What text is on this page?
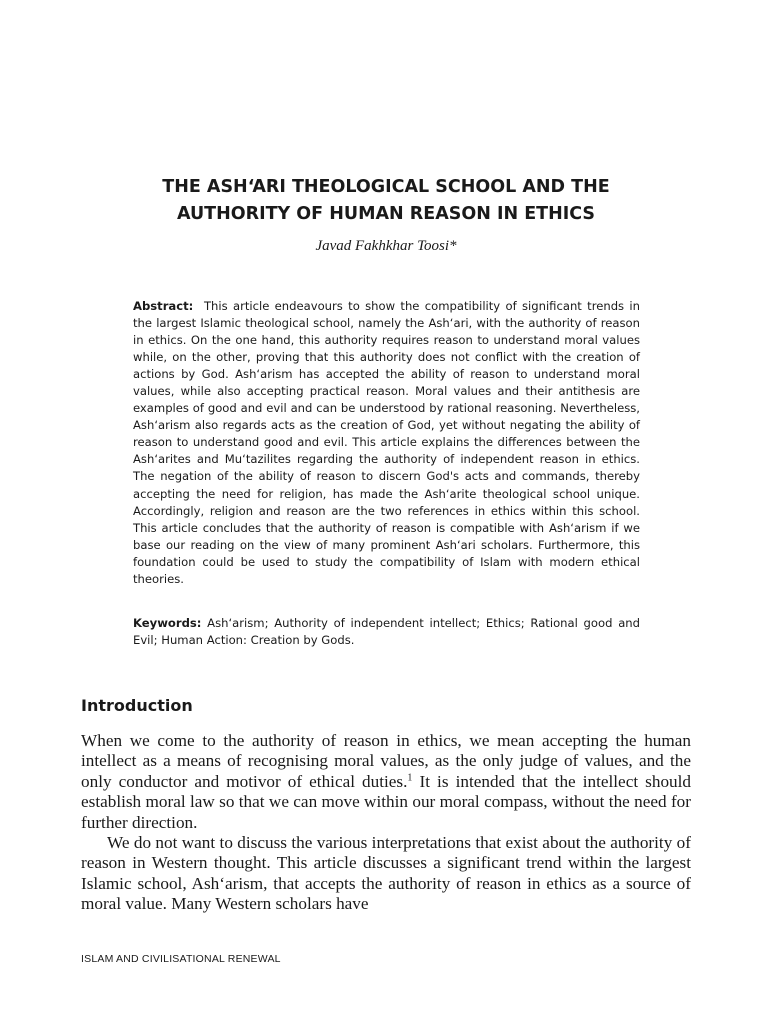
THE ASH‘ARI THEOLOGICAL SCHOOL AND THE
AUTHORITY OF HUMAN REASON IN ETHICS
Javad Fakhkhar Toosi*

Abstract: This article endeavours to show the compatibility of significant trends in the largest Islamic theological school, namely the Ash‘ari, with the authority of reason in ethics. On the one hand, this authority requires reason to understand moral values while, on the other, proving that this authority does not conflict with the creation of actions by God. Ash‘arism has accepted the ability of reason to understand moral values, while also accepting practical reason. Moral values and their antithesis are examples of good and evil and can be understood by rational reasoning. Nevertheless, Ash‘arism also regards acts as the creation of God, yet without negating the ability of reason to understand good and evil. This article explains the differences between the Ash‘arites and Mu‘tazilites regarding the authority of independent reason in ethics. The negation of the ability of reason to discern God's acts and commands, thereby accepting the need for religion, has made the Ash‘arite theological school unique. Accordingly, religion and reason are the two references in ethics within this school. This article concludes that the authority of reason is compatible with Ash‘arism if we base our reading on the view of many prominent Ash‘ari scholars. Furthermore, this foundation could be used to study the compatibility of Islam with modern ethical theories.

Keywords: Ash‘arism; Authority of independent intellect; Ethics; Rational good and Evil; Human Action: Creation by Gods.

Introduction

When we come to the authority of reason in ethics, we mean accepting the human intellect as a means of recognising moral values, as the only judge of values, and the only conductor and motivor of ethical duties.$^1$ It is intended that the intellect should establish moral law so that we can move within our moral compass, without the need for further direction.

We do not want to discuss the various interpretations that exist about the authority of reason in Western thought. This article discusses a significant trend within the largest Islamic school, Ash‘arism, that accepts the authority of reason in ethics as a source of moral value. Many Western scholars have

ISLAM AND CIVILISATIONAL RENEWAL
